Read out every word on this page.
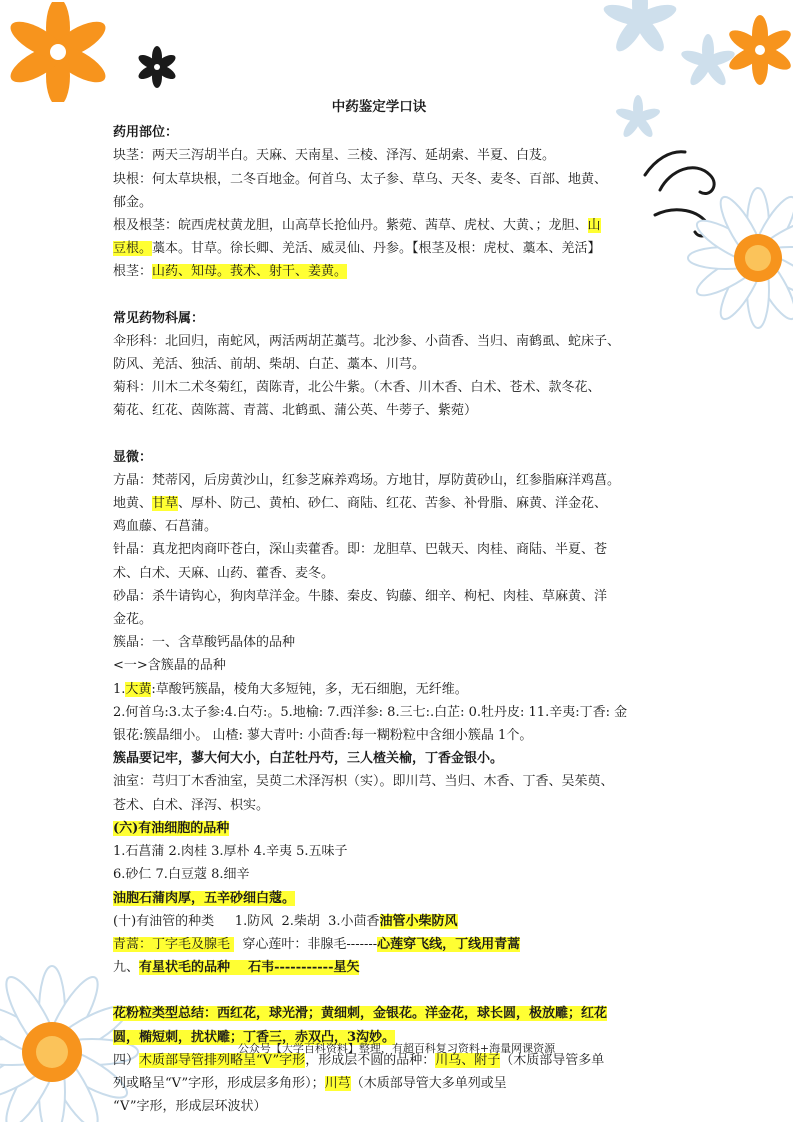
中药鉴定学口诀

药用部位：

块茎：两天三泻胡半白。天麻、天南星、三棱、泽泻、延胡索、半夏、白芨。

块根：何太草块根，二冬百地金。何首乌、太子参、草乌、天冬、麦冬、百部、地黄、

郁金。

根及根茎：皖西虎杖黄龙胆，山高草长抢仙丹。紫菀、茜草、虎杖、大黄、；龙胆、山

豆根。藁本。甘草。徐长卿、羌活、威灵仙、丹参。【根茎及根：虎杖、藁本、羌活】

根茎：山药、知母。莪术、射干、姜黄。

常见药物科属：

伞形科：北回归，南蛇风，两活两胡芷藁芎。北沙参、小茴香、当归、南鹤虱、蛇床子、

防风、羌活、独活、前胡、柴胡、白芷、藁本、川芎。

菊科：川木二术冬菊红，茵陈青，北公牛紫。（木香、川木香、白术、苍术、款冬花、

菊花、红花、茵陈蒿、青蒿、北鹤虱、蒲公英、牛蒡子、紫菀）

显微：

方晶：梵蒂冈，后房黄沙山，红参芝麻养鸡场。方地甘，厚防黄砂山，红参脂麻洋鸡菖。

地黄、甘草、厚朴、防己、黄柏、砂仁、商陆、红花、苦参、补骨脂、麻黄、洋金花、

鸡血藤、石菖蒲。

针晶：真龙把肉商吓苍白，深山卖藿香。即：龙胆草、巴戟天、肉桂、商陆、半夏、苍

术、白术、天麻、山药、藿香、麦冬。

砂晶：杀牛请钩心，狗肉草洋金。牛膝、秦皮、钩藤、细辛、枸杞、肉桂、草麻黄、洋

金花。

簇晶：一、含草酸钙晶体的品种

<一>含簇晶的品种

1.大黄:草酸钙簇晶，棱角大多短钝，多，无石细胞，无纤维。

2.何首乌:3.太子参:4.白芍:。5.地榆: 7.西洋参: 8.三七:.白芷: 0.牡丹皮: 11.辛夷:丁香: 金

银花:簇晶细小。 山楂: 蓼大青叶: 小茴香:每一糊粉粒中含细小簇晶 1个。

簇晶要记牢，蓼大何大小，白芷牡丹芍，三人楂关榆，丁香金银小。

油室：芎归丁木香油室，吴萸二术泽泻枳（实）。即川芎、当归、木香、丁香、吴茱萸、

苍术、白术、泽泻、枳实。

(六)有油细胞的品种

1.石菖蒲 2.肉桂 3.厚朴 4.辛夷 5.五味子

6.砂仁 7.白豆蔻 8.细辛

油胞石蒲肉厚，五辛砂细白蔻。

(十)有油管的种类     1.防风  2.柴胡  3.小茴香油管小柴防风

青蒿：丁字毛及腺毛   穿心莲叶：非腺毛-------心莲穿飞线，丁线用青蒿

九、有星状毛的品种    石韦-----------星矢

花粉粒类型总结：西红花，球光滑；黄细刺，金银花。洋金花，球长圆，极放雕；红花

圆，椭短刺，扰状雕；丁香三，赤双凸，3沟妙。

四）木质部导管排列略呈“V”字形，形成层不圆的品种：川乌、附子（木质部导管多单

列或略呈“V”字形，形成层多角形）；川芎（木质部导管大多单列或呈

“V”字形，形成层环波状）

公众号【大学百科资料】整理，有超百科复习资料+海量网课资源
